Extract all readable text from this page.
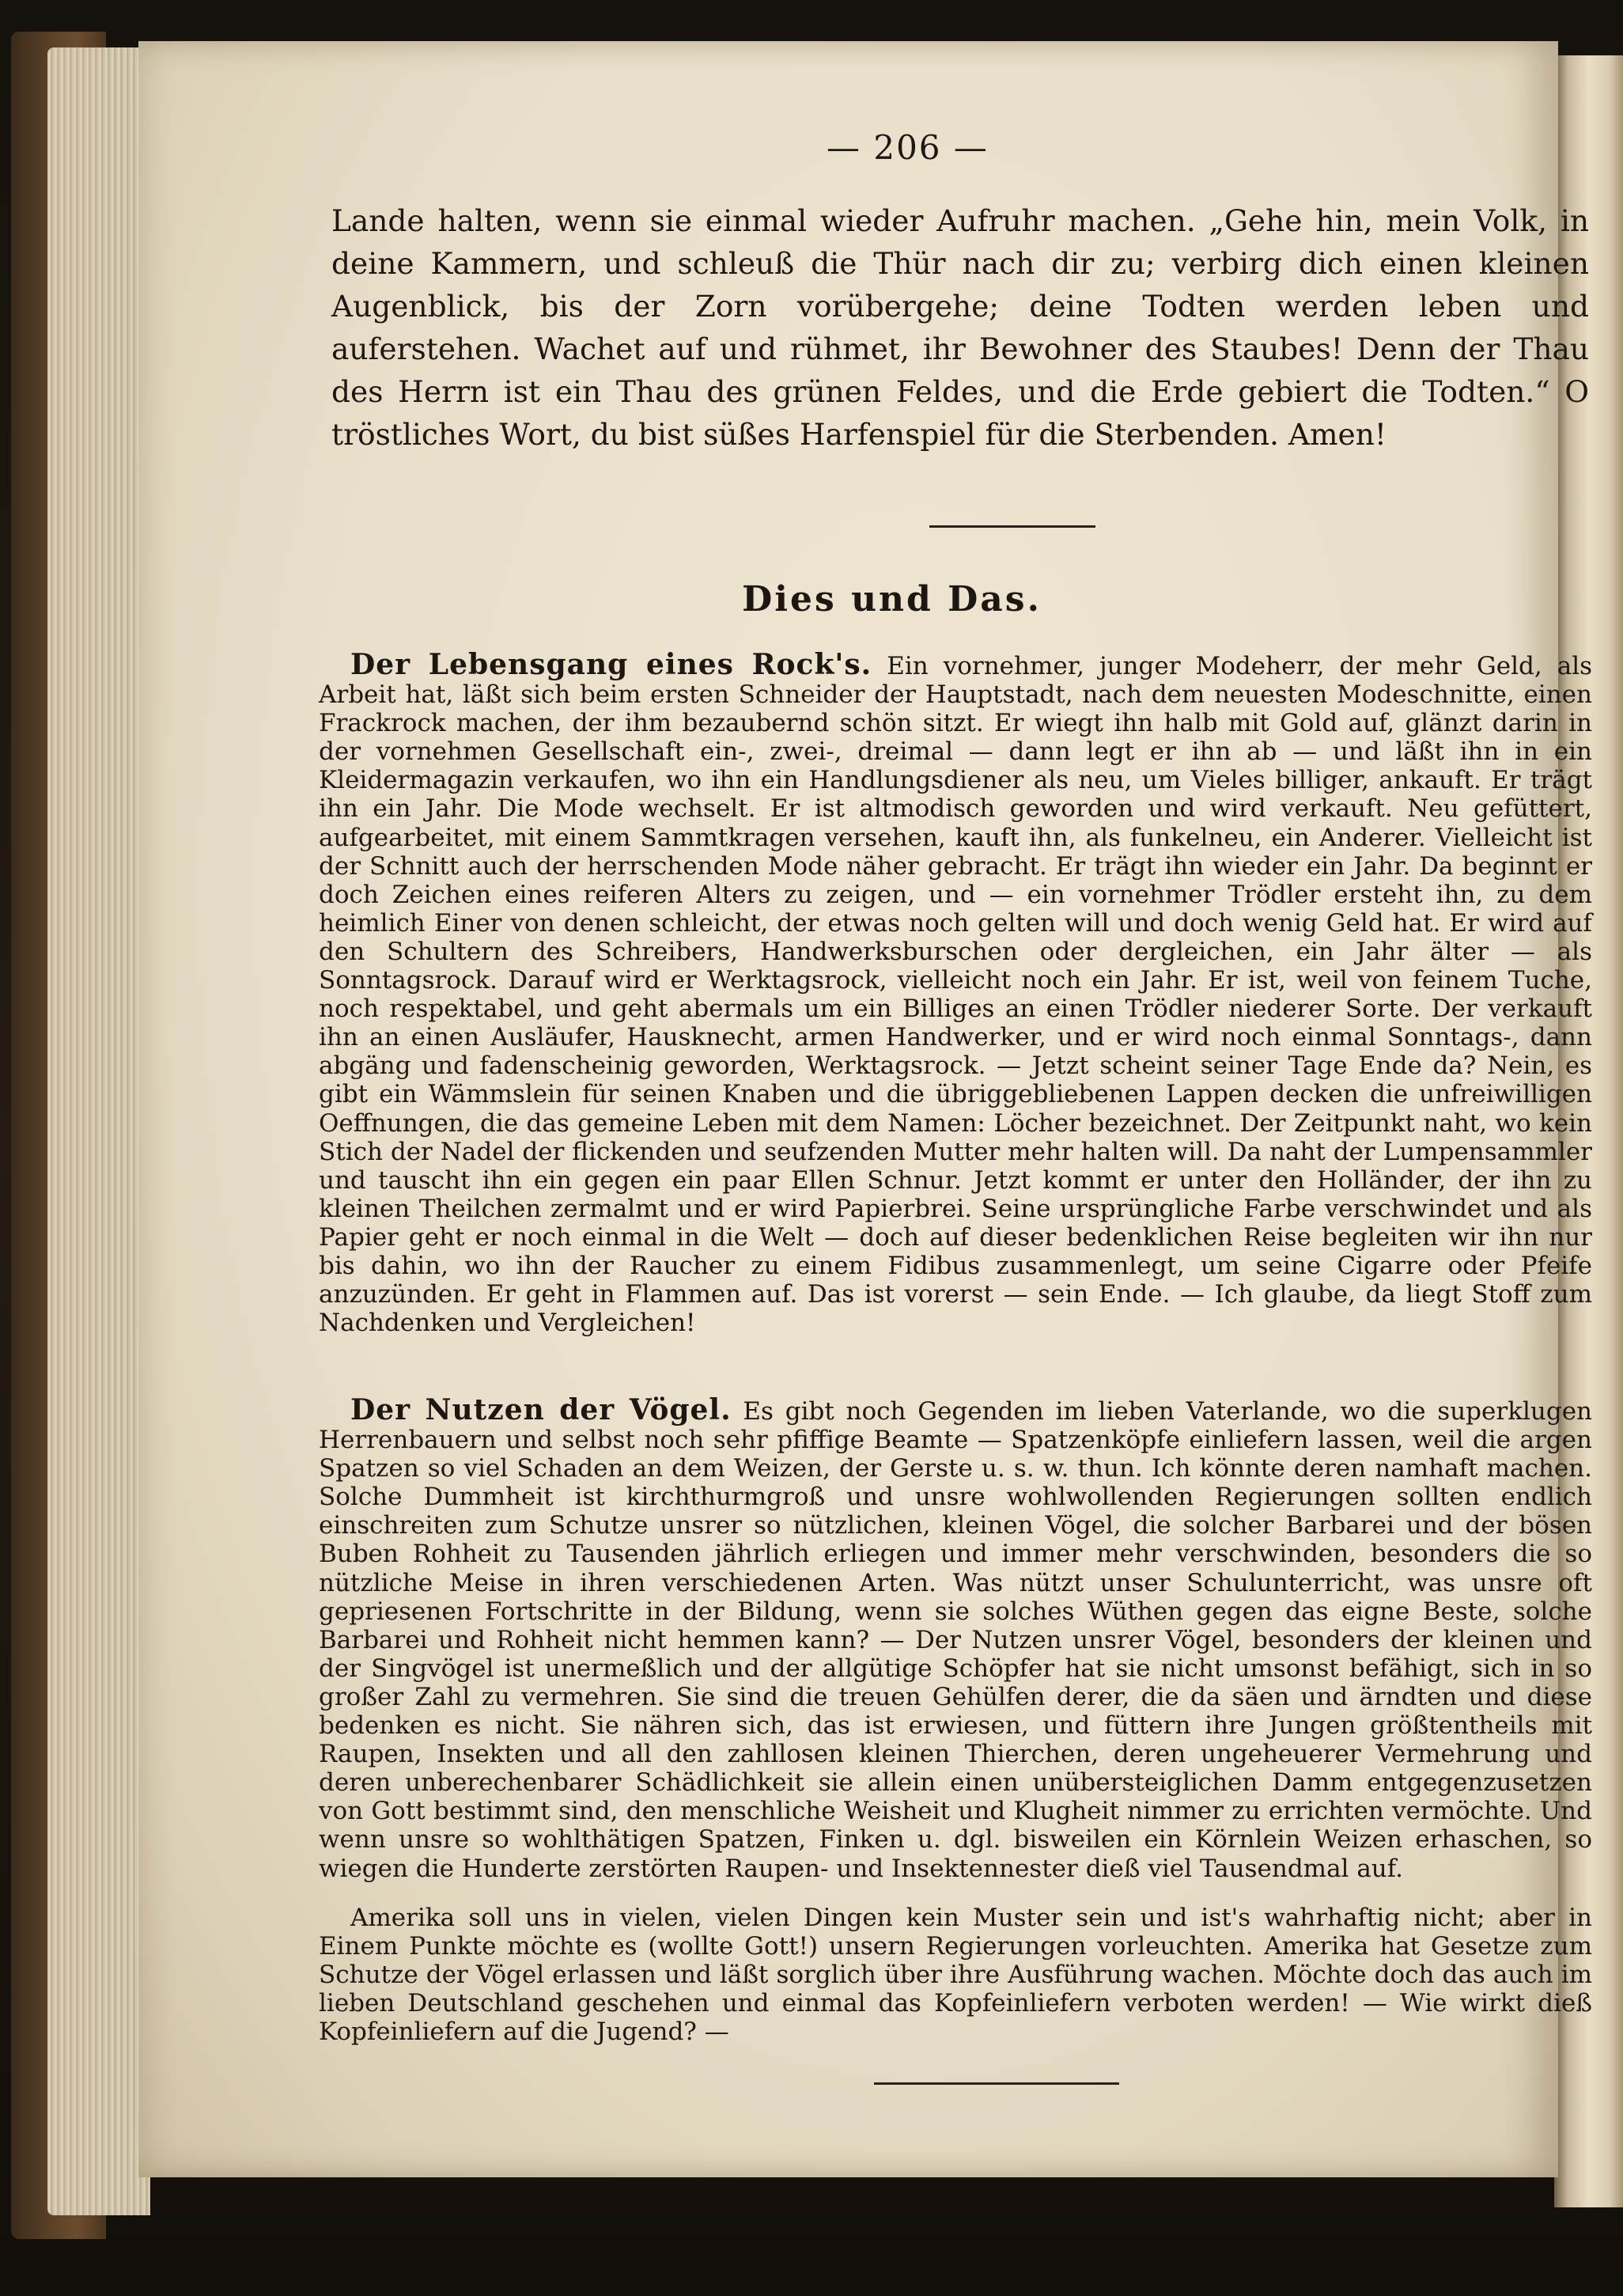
— 206 —

Lande halten, wenn sie einmal wieder Aufruhr machen. „Gehe hin, mein Volk, in deine Kammern, und schleuß die Thür nach dir zu; verbirg dich einen kleinen Augenblick, bis der Zorn vorübergehe; deine Todten werden leben und auferstehen. Wachet auf und rühmet, ihr Bewohner des Staubes! Denn der Thau des Herrn ist ein Thau des grünen Feldes, und die Erde gebiert die Todten.“ O tröstliches Wort, du bist süßes Harfenspiel für die Sterbenden. Amen!

Dies und Das.

Der Lebensgang eines Rock's. Ein vornehmer, junger Modeherr, der mehr Geld, als Arbeit hat, läßt sich beim ersten Schneider der Hauptstadt, nach dem neuesten Modeschnitte, einen Frackrock machen, der ihm bezaubernd schön sitzt. Er wiegt ihn halb mit Gold auf, glänzt darin in der vornehmen Gesellschaft ein-, zwei-, dreimal — dann legt er ihn ab — und läßt ihn in ein Kleidermagazin verkaufen, wo ihn ein Handlungsdiener als neu, um Vieles billiger, ankauft. Er trägt ihn ein Jahr. Die Mode wechselt. Er ist altmodisch geworden und wird verkauft. Neu gefüttert, aufgearbeitet, mit einem Sammtkragen versehen, kauft ihn, als funkelneu, ein Anderer. Vielleicht ist der Schnitt auch der herrschenden Mode näher gebracht. Er trägt ihn wieder ein Jahr. Da beginnt er doch Zeichen eines reiferen Alters zu zeigen, und — ein vornehmer Trödler ersteht ihn, zu dem heimlich Einer von denen schleicht, der etwas noch gelten will und doch wenig Geld hat. Er wird auf den Schultern des Schreibers, Handwerksburschen oder dergleichen, ein Jahr älter — als Sonntagsrock. Darauf wird er Werktagsrock, vielleicht noch ein Jahr. Er ist, weil von feinem Tuche, noch respektabel, und geht abermals um ein Billiges an einen Trödler niederer Sorte. Der verkauft ihn an einen Ausläufer, Hausknecht, armen Handwerker, und er wird noch einmal Sonntags-, dann abgäng und fadenscheinig geworden, Werktagsrock. — Jetzt scheint seiner Tage Ende da? Nein, es gibt ein Wämmslein für seinen Knaben und die übriggebliebenen Lappen decken die unfreiwilligen Oeffnungen, die das gemeine Leben mit dem Namen: Löcher bezeichnet. Der Zeitpunkt naht, wo kein Stich der Nadel der flickenden und seufzenden Mutter mehr halten will. Da naht der Lumpensammler und tauscht ihn ein gegen ein paar Ellen Schnur. Jetzt kommt er unter den Holländer, der ihn zu kleinen Theilchen zermalmt und er wird Papierbrei. Seine ursprüngliche Farbe verschwindet und als Papier geht er noch einmal in die Welt — doch auf dieser bedenklichen Reise begleiten wir ihn nur bis dahin, wo ihn der Raucher zu einem Fidibus zusammenlegt, um seine Cigarre oder Pfeife anzuzünden. Er geht in Flammen auf. Das ist vorerst — sein Ende. — Ich glaube, da liegt Stoff zum Nachdenken und Vergleichen!

Der Nutzen der Vögel. Es gibt noch Gegenden im lieben Vaterlande, wo die superklugen Herrenbauern und selbst noch sehr pfiffige Beamte — Spatzenköpfe einliefern lassen, weil die argen Spatzen so viel Schaden an dem Weizen, der Gerste u. s. w. thun. Ich könnte deren namhaft machen. Solche Dummheit ist kirchthurmgroß und unsre wohlwollenden Regierungen sollten endlich einschreiten zum Schutze unsrer so nützlichen, kleinen Vögel, die solcher Barbarei und der bösen Buben Rohheit zu Tausenden jährlich erliegen und immer mehr verschwinden, besonders die so nützliche Meise in ihren verschiedenen Arten. Was nützt unser Schulunterricht, was unsre oft gepriesenen Fortschritte in der Bildung, wenn sie solches Wüthen gegen das eigne Beste, solche Barbarei und Rohheit nicht hemmen kann? — Der Nutzen unsrer Vögel, besonders der kleinen und der Singvögel ist unermeßlich und der allgütige Schöpfer hat sie nicht umsonst befähigt, sich in so großer Zahl zu vermehren. Sie sind die treuen Gehülfen derer, die da säen und ärndten und diese bedenken es nicht. Sie nähren sich, das ist erwiesen, und füttern ihre Jungen größtentheils mit Raupen, Insekten und all den zahllosen kleinen Thierchen, deren ungeheuerer Vermehrung und deren unberechenbarer Schädlichkeit sie allein einen unübersteiglichen Damm entgegenzusetzen von Gott bestimmt sind, den menschliche Weisheit und Klugheit nimmer zu errichten vermöchte. Und wenn unsre so wohlthätigen Spatzen, Finken u. dgl. bisweilen ein Körnlein Weizen erhaschen, so wiegen die Hunderte zerstörten Raupen- und Insektennester dieß viel Tausendmal auf.

Amerika soll uns in vielen, vielen Dingen kein Muster sein und ist's wahrhaftig nicht; aber in Einem Punkte möchte es (wollte Gott!) unsern Regierungen vorleuchten. Amerika hat Gesetze zum Schutze der Vögel erlassen und läßt sorglich über ihre Ausführung wachen. Möchte doch das auch im lieben Deutschland geschehen und einmal das Kopfeinliefern verboten werden! — Wie wirkt dieß Kopfeinliefern auf die Jugend? —
